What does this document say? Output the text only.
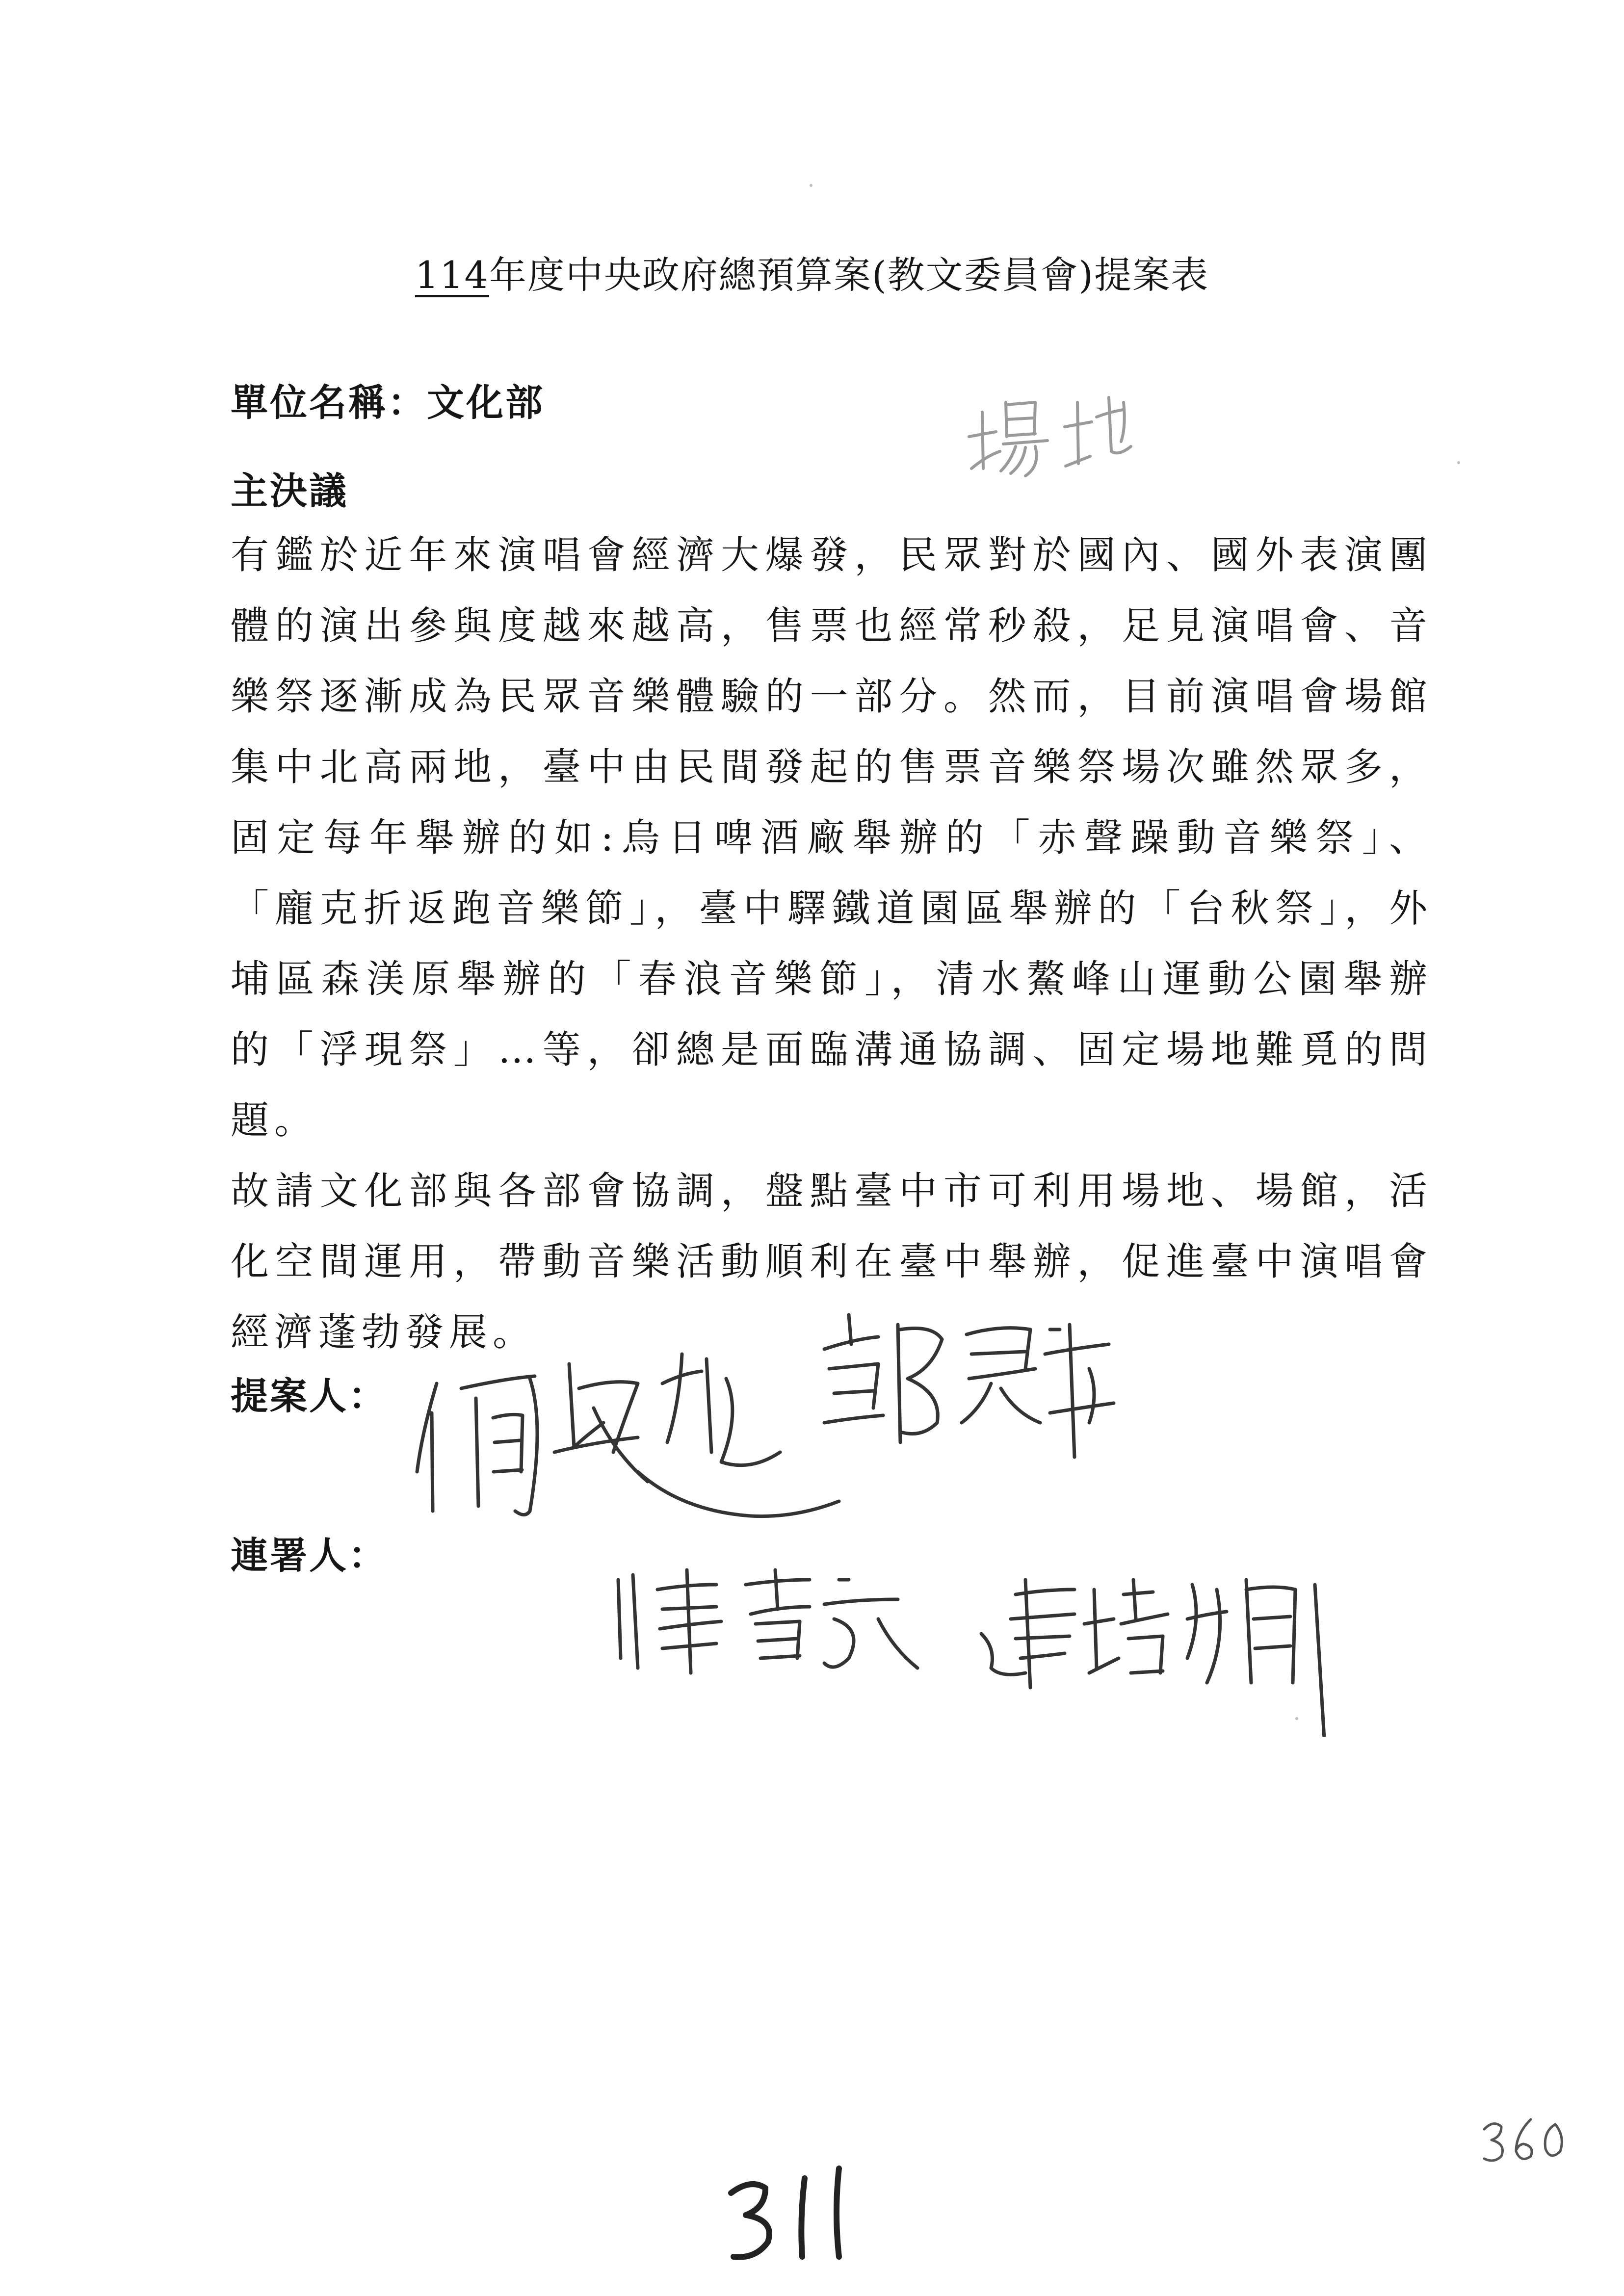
114年度中央政府總預算案(教文委員會)提案表
單位名稱：文化部
主決議

有鑑於近年來演唱會經濟大爆發，民眾對於國內、國外表演團體的演出參與度越來越高，售票也經常秒殺，足見演唱會、音樂祭逐漸成為民眾音樂體驗的一部分。然而，目前演唱會場館集中北高兩地，臺中由民間發起的售票音樂祭場次雖然眾多，固定每年舉辦的如:烏日啤酒廠舉辦的「赤聲躁動音樂祭」、「龐克折返跑音樂節」，臺中驛鐵道園區舉辦的「台秋祭」，外埔區森渼原舉辦的「春浪音樂節」，清水鰲峰山運動公園舉辦的「浮現祭」…等，卻總是面臨溝通協調、固定場地難覓的問題。

故請文化部與各部會協調，盤點臺中市可利用場地、場館，活化空間運用，帶動音樂活動順利在臺中舉辦，促進臺中演唱會經濟蓬勃發展。

提案人：
連署人：
